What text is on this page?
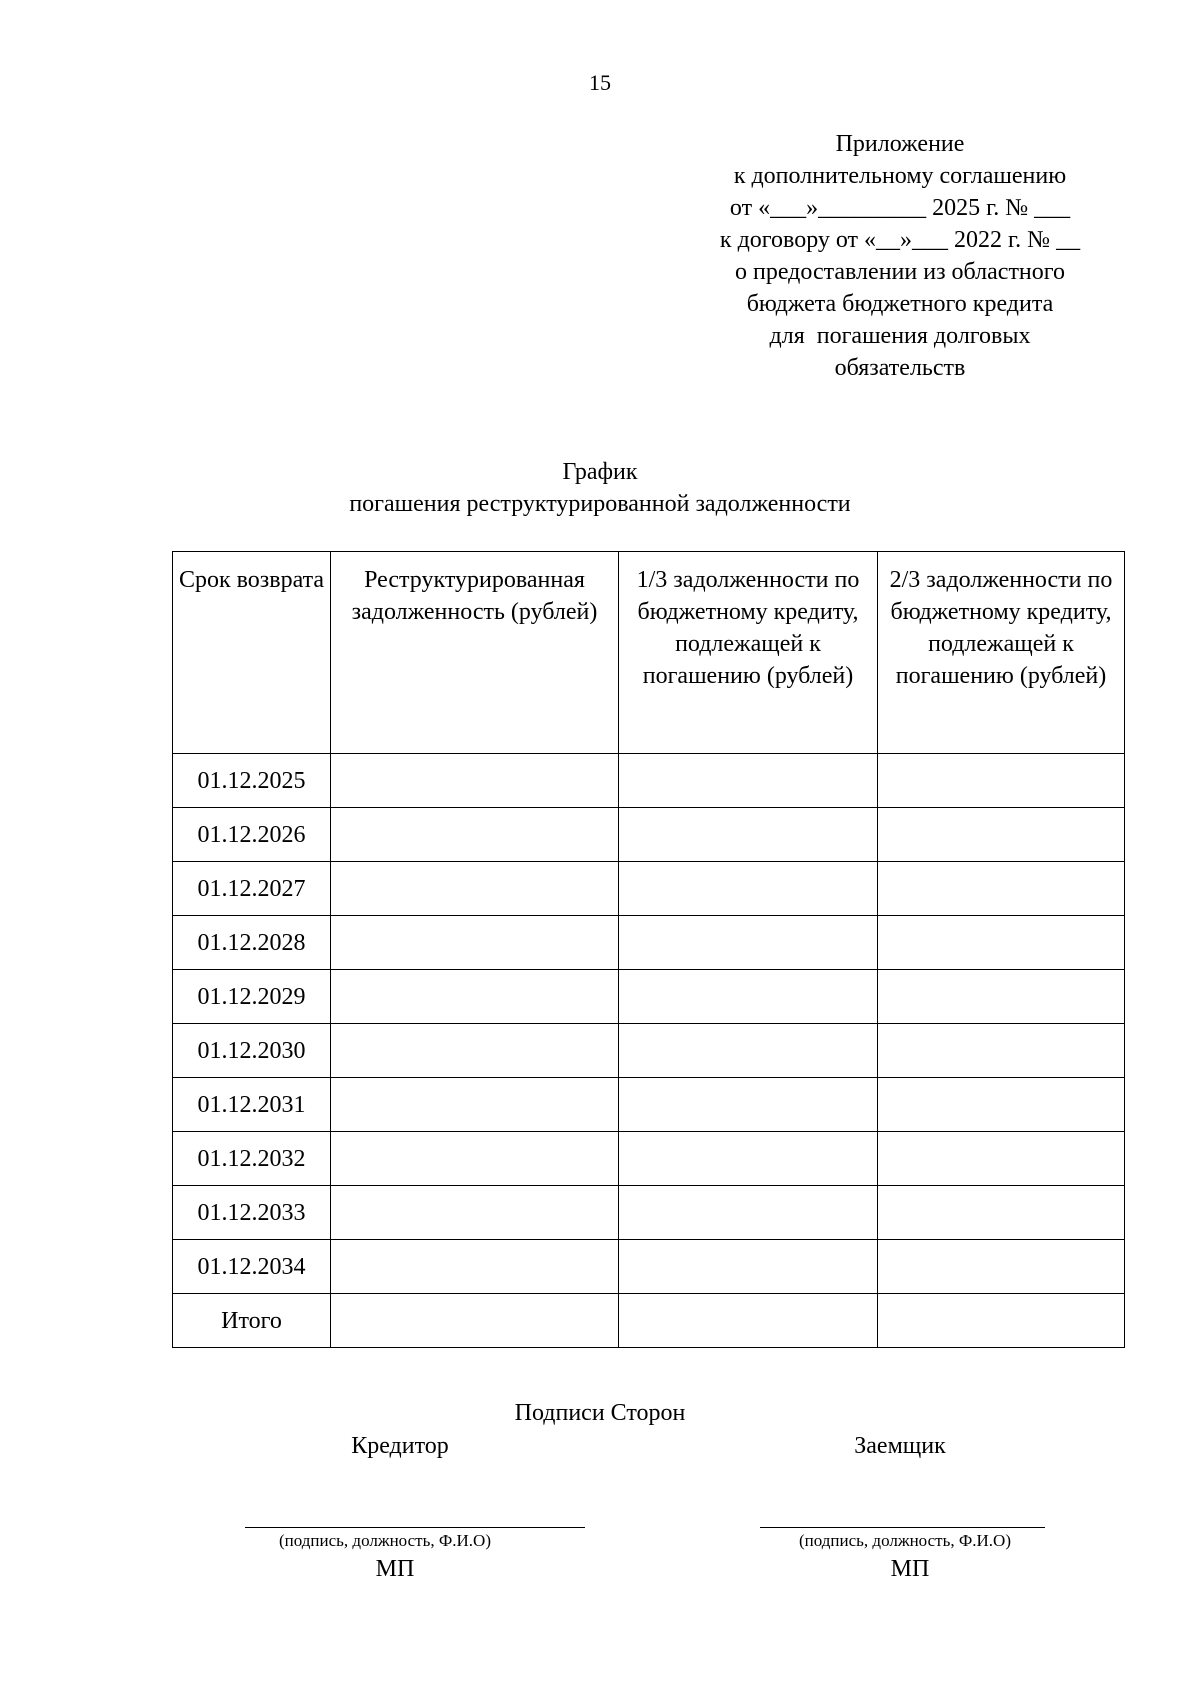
15
Приложение
к дополнительному соглашению
от «___»_________ 2025 г. № ___
к договору от «__»___ 2022 г. № __
о предоставлении из областного
бюджета бюджетного кредита
для  погашения долговых
обязательств
График
погашения реструктурированной задолженности
Срок возврата	Реструктурированная задолженность (рублей)	1/3 задолженности по бюджетному кредиту, подлежащей к погашению (рублей)	2/3 задолженности по бюджетному кредиту, подлежащей к погашению (рублей)
01.12.2025			
01.12.2026			
01.12.2027			
01.12.2028			
01.12.2029			
01.12.2030			
01.12.2031			
01.12.2032			
01.12.2033			
01.12.2034			
Итого			
Подписи Сторон
Кредитор	Заемщик
(подпись, должность, Ф.И.О)	(подпись, должность, Ф.И.О)
МП	МП
